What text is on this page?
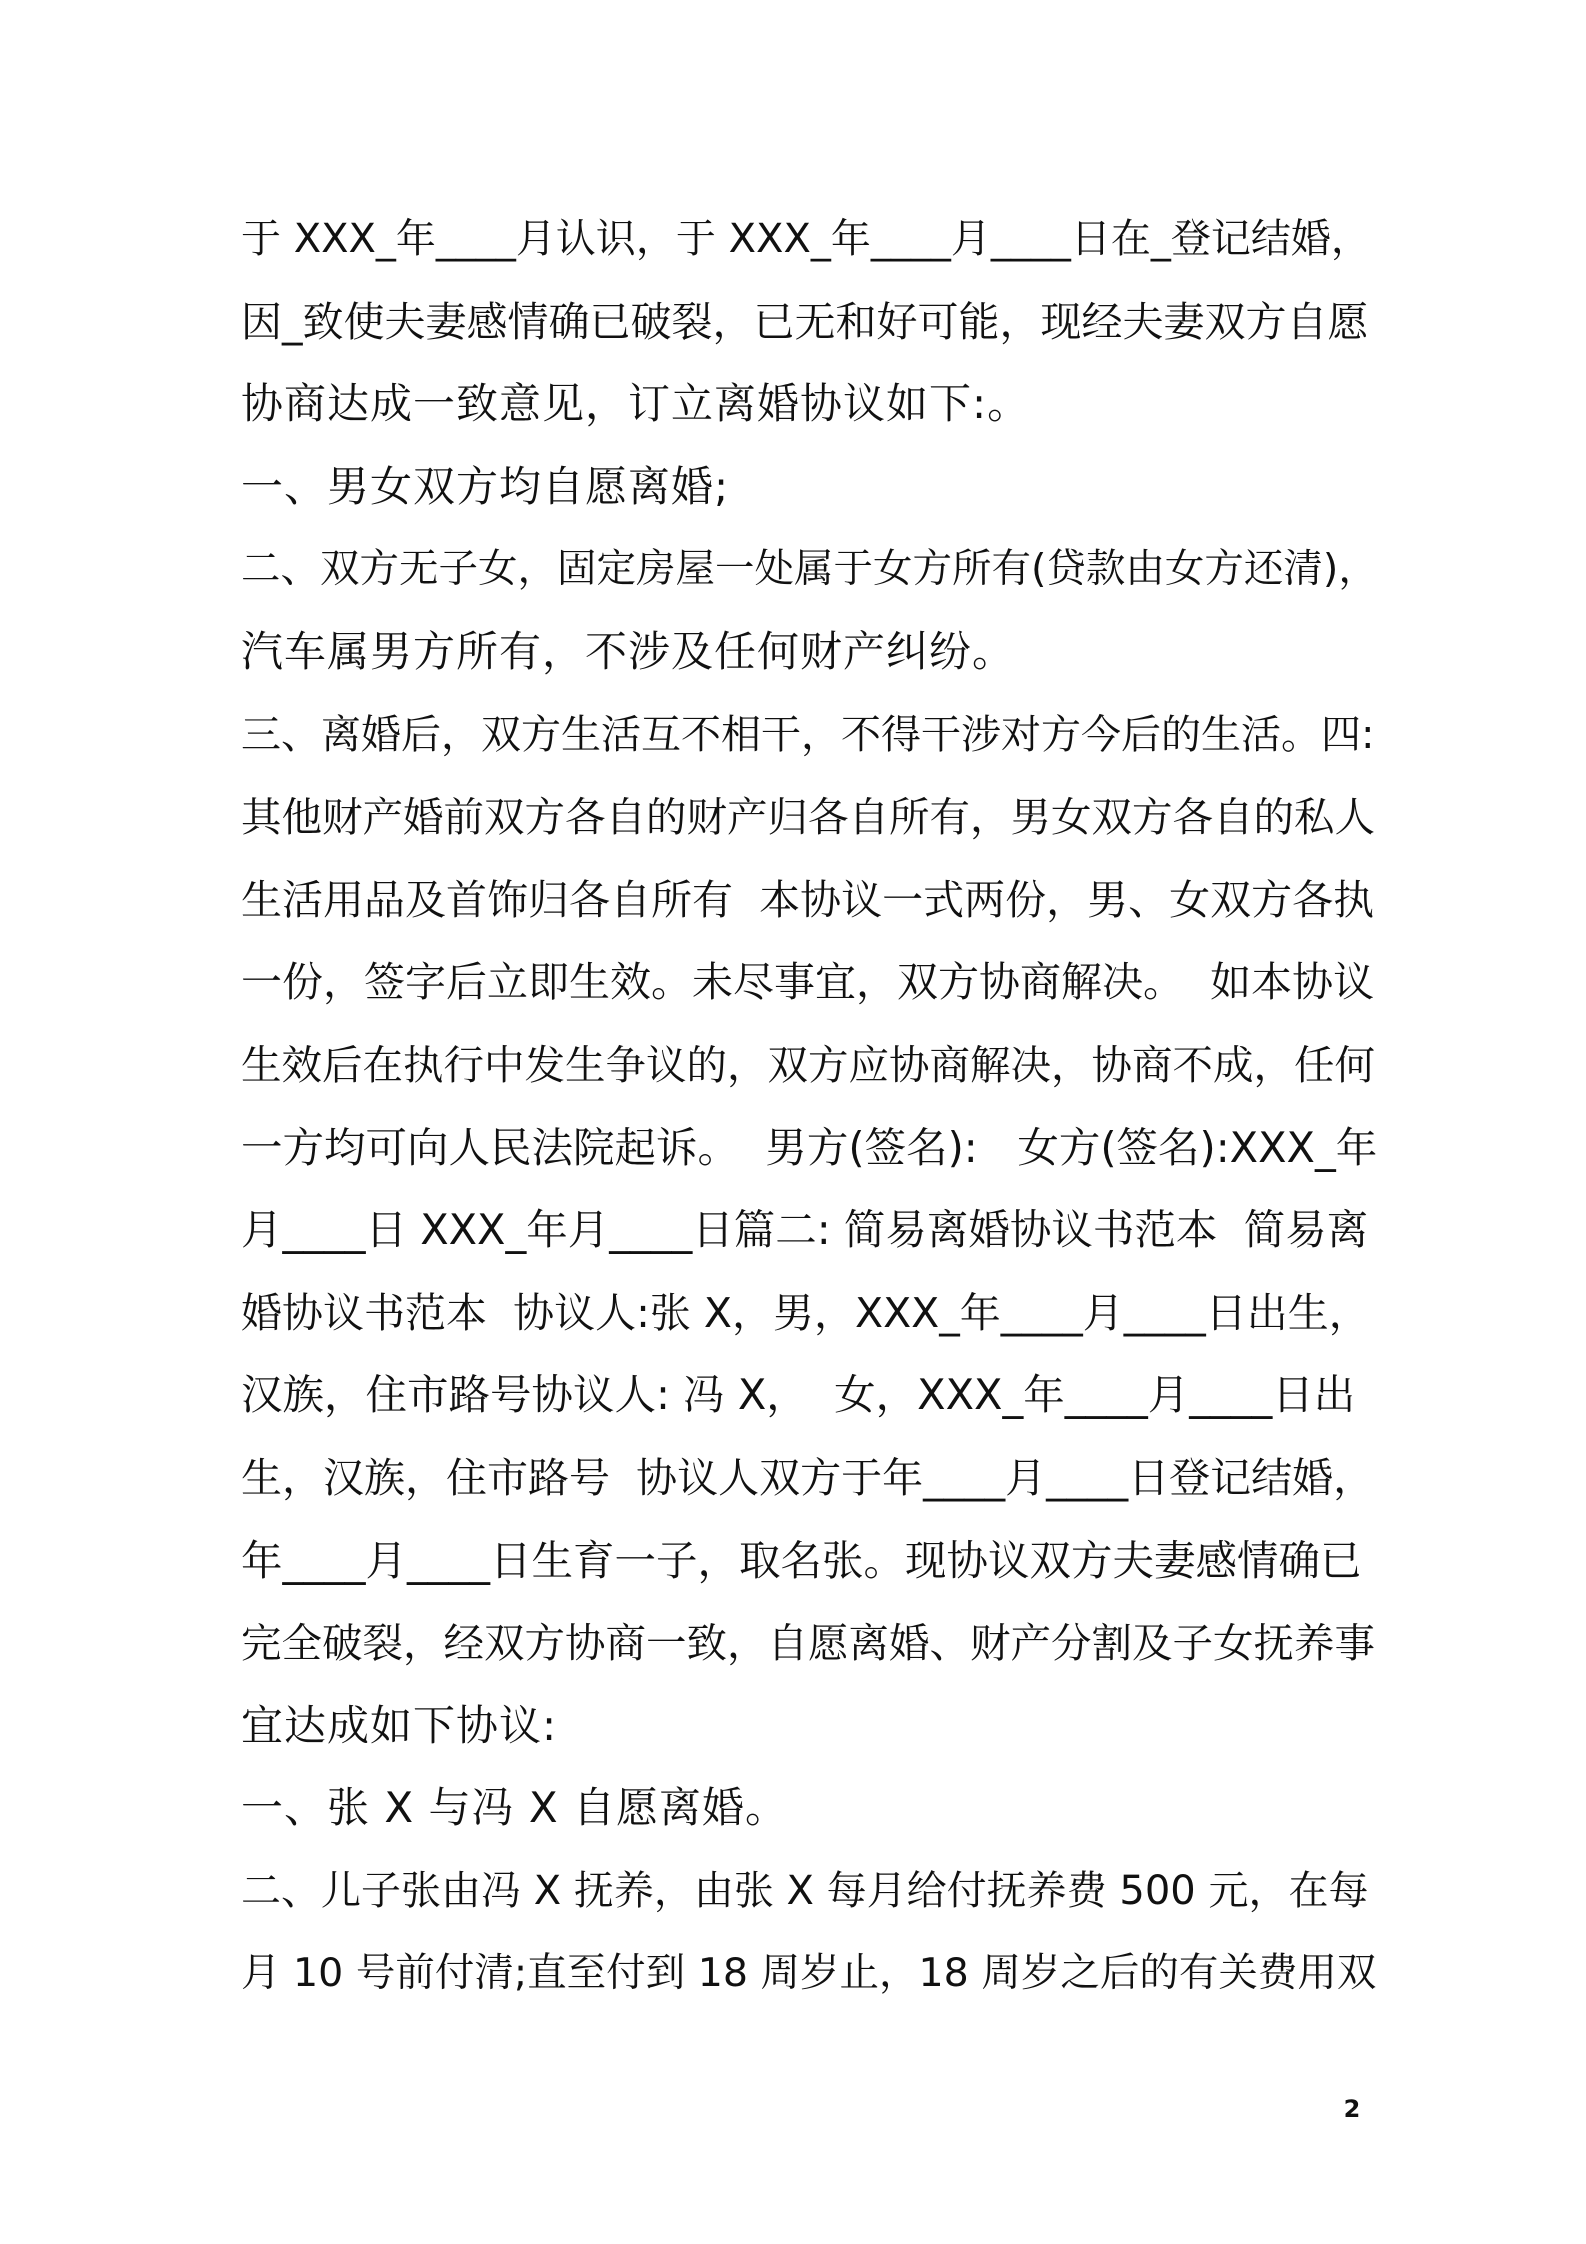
于 XXX_年____月认识，于 XXX_年____月____日在_登记结婚，
因_致使夫妻感情确已破裂，已无和好可能，现经夫妻双方自愿
协商达成一致意见，订立离婚协议如下:。
一、男女双方均自愿离婚;
二、双方无子女，固定房屋一处属于女方所有(贷款由女方还清)，
汽车属男方所有，不涉及任何财产纠纷。
三、离婚后，双方生活互不相干，不得干涉对方今后的生活。四:
其他财产婚前双方各自的财产归各自所有，男女双方各自的私人
生活用品及首饰归各自所有  本协议一式两份，男、女双方各执
一份，签字后立即生效。未尽事宜，双方协商解决。  如本协议
生效后在执行中发生争议的，双方应协商解决，协商不成，任何
一方均可向人民法院起诉。  男方(签名):   女方(签名):XXX_年
月____日 XXX_年月____日篇二: 简易离婚协议书范本  简易离
婚协议书范本  协议人:张 X，男，XXX_年____月____日出生，
汉族，住市路号协议人: 冯 X，  女，XXX_年____月____日出
生，汉族，住市路号  协议人双方于年____月____日登记结婚，
年____月____日生育一子，取名张。现协议双方夫妻感情确已
完全破裂，经双方协商一致，自愿离婚、财产分割及子女抚养事
宜达成如下协议:
一、张 X 与冯 X 自愿离婚。
二、儿子张由冯 X 抚养，由张 X 每月给付抚养费 500 元，在每
月 10 号前付清;直至付到 18 周岁止，18 周岁之后的有关费用双
2
